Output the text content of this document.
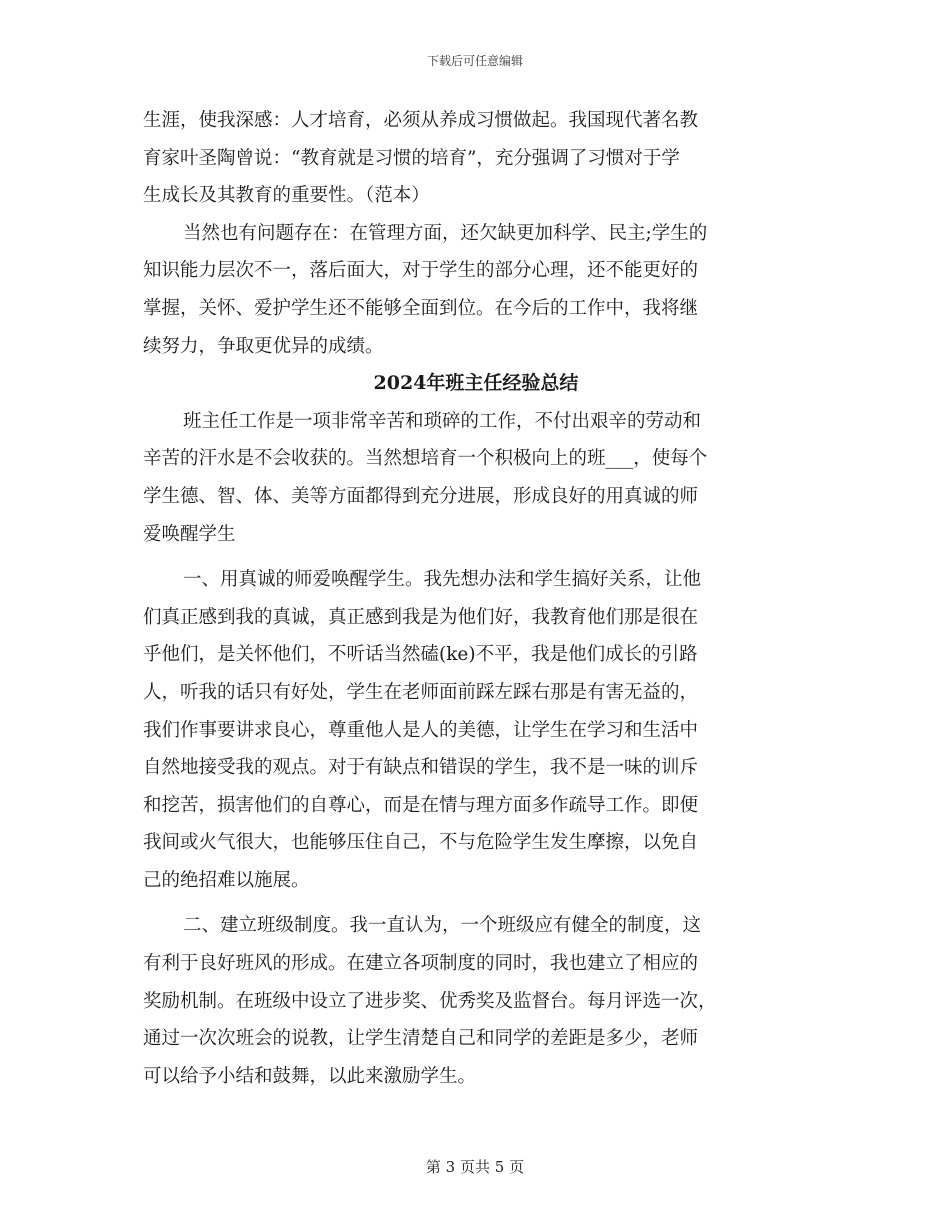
下载后可任意编辑
生涯，使我深感：人才培育，必须从养成习惯做起。我国现代著名教
育家叶圣陶曾说：“教育就是习惯的培育”，充分强调了习惯对于学
生成长及其教育的重要性。（范本）
当然也有问题存在：在管理方面，还欠缺更加科学、民主;学生的
知识能力层次不一，落后面大，对于学生的部分心理，还不能更好的
掌握，关怀、爱护学生还不能够全面到位。在今后的工作中，我将继
续努力，争取更优异的成绩。
2024年班主任经验总结
班主任工作是一项非常辛苦和琐碎的工作，不付出艰辛的劳动和
辛苦的汗水是不会收获的。当然想培育一个积极向上的班___，使每个
学生德、智、体、美等方面都得到充分进展，形成良好的用真诚的师
爱唤醒学生
一、用真诚的师爱唤醒学生。我先想办法和学生搞好关系，让他
们真正感到我的真诚，真正感到我是为他们好，我教育他们那是很在
乎他们，是关怀他们，不听话当然磕(ke)不平，我是他们成长的引路
人，听我的话只有好处，学生在老师面前踩左踩右那是有害无益的，
我们作事要讲求良心，尊重他人是人的美德，让学生在学习和生活中
自然地接受我的观点。对于有缺点和错误的学生，我不是一味的训斥
和挖苦，损害他们的自尊心，而是在情与理方面多作疏导工作。即便
我间或火气很大，也能够压住自己，不与危险学生发生摩擦，以免自
己的绝招难以施展。
二、建立班级制度。我一直认为，一个班级应有健全的制度，这
有利于良好班风的形成。在建立各项制度的同时，我也建立了相应的
奖励机制。在班级中设立了进步奖、优秀奖及监督台。每月评选一次，
通过一次次班会的说教，让学生清楚自己和同学的差距是多少，老师
可以给予小结和鼓舞，以此来激励学生。
第 3 页共 5 页
